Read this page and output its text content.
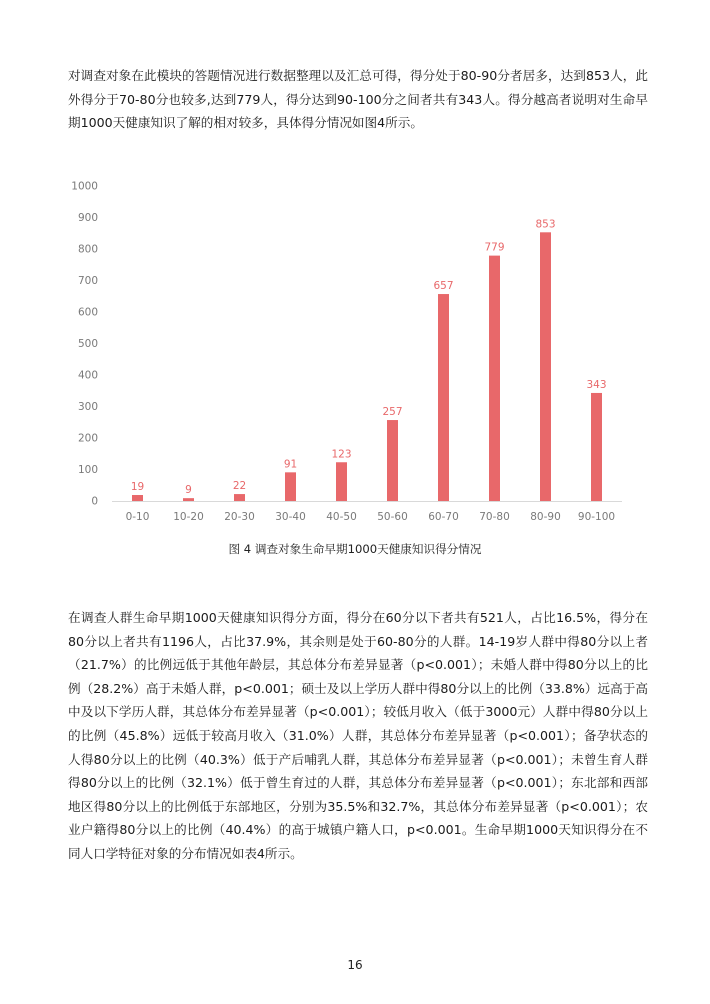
对调查对象在此模块的答题情况进行数据整理以及汇总可得，得分处于80-90分者居多，达到853人，此外得分于70-80分也较多,达到779人，得分达到90-100分之间者共有343人。得分越高者说明对生命早期1000天健康知识了解的相对较多，具体得分情况如图4所示。

0
100
200
300
400
500
600
700
800
900
1000
19	9	22
91
123
257
657
779
853
343
0-10 10-20 20-30 30-40 40-50 50-60 60-70 70-80 80-90 90-100
图 4 调查对象生命早期1000天健康知识得分情况

在调查人群生命早期1000天健康知识得分方面，得分在60分以下者共有521人，占比16.5%，得分在80分以上者共有1196人，占比37.9%，其余则是处于60-80分的人群。14-19岁人群中得80分以上者（21.7%）的比例远低于其他年龄层，其总体分布差异显著（p<0.001）；未婚人群中得80分以上的比例（28.2%）高于未婚人群，p<0.001；硕士及以上学历人群中得80分以上的比例（33.8%）远高于高中及以下学历人群，其总体分布差异显著（p<0.001）；较低月收入（低于3000元）人群中得80分以上的比例（45.8%）远低于较高月收入（31.0%）人群，其总体分布差异显著（p<0.001）；备孕状态的人得80分以上的比例（40.3%）低于产后哺乳人群，其总体分布差异显著（p<0.001）；未曾生育人群得80分以上的比例（32.1%）低于曾生育过的人群，其总体分布差异显著（p<0.001）；东北部和西部地区得80分以上的比例低于东部地区，分别为35.5%和32.7%，其总体分布差异显著（p<0.001）；农业户籍得80分以上的比例（40.4%）的高于城镇户籍人口，p<0.001。生命早期1000天知识得分在不同人口学特征对象的分布情况如表4所示。

16
